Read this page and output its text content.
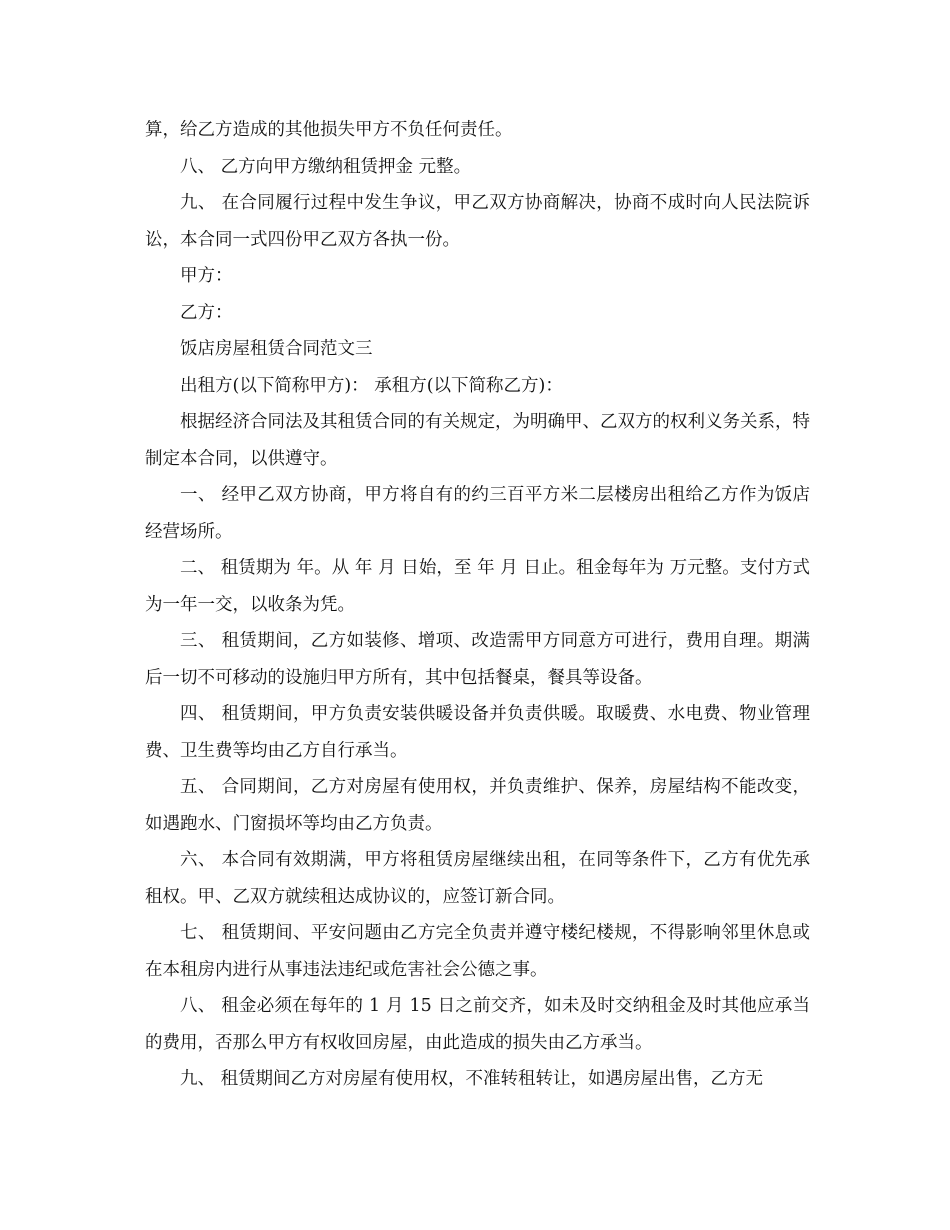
算，给乙方造成的其他损失甲方不负任何责任。

八、 乙方向甲方缴纳租赁押金 元整。

九、 在合同履行过程中发生争议，甲乙双方协商解决，协商不成时向人民法院诉讼，本合同一式四份甲乙双方各执一份。

甲方：

乙方：

饭店房屋租赁合同范文三

出租方(以下简称甲方)： 承租方(以下简称乙方)：

根据经济合同法及其租赁合同的有关规定，为明确甲、乙双方的权利义务关系，特制定本合同，以供遵守。

一、 经甲乙双方协商，甲方将自有的约三百平方米二层楼房出租给乙方作为饭店经营场所。

二、 租赁期为 年。从 年 月 日始，至 年 月 日止。租金每年为 万元整。支付方式为一年一交，以收条为凭。

三、 租赁期间，乙方如装修、增项、改造需甲方同意方可进行，费用自理。期满后一切不可移动的设施归甲方所有，其中包括餐桌，餐具等设备。

四、 租赁期间，甲方负责安装供暖设备并负责供暖。取暖费、水电费、物业管理费、卫生费等均由乙方自行承当。

五、 合同期间，乙方对房屋有使用权，并负责维护、保养，房屋结构不能改变，如遇跑水、门窗损坏等均由乙方负责。

六、 本合同有效期满，甲方将租赁房屋继续出租，在同等条件下，乙方有优先承租权。甲、乙双方就续租达成协议的，应签订新合同。

七、 租赁期间、平安问题由乙方完全负责并遵守楼纪楼规，不得影响邻里休息或在本租房内进行从事违法违纪或危害社会公德之事。

八、 租金必须在每年的 1 月 15 日之前交齐，如未及时交纳租金及时其他应承当的费用，否那么甲方有权收回房屋，由此造成的损失由乙方承当。

九、 租赁期间乙方对房屋有使用权，不准转租转让，如遇房屋出售，乙方无
